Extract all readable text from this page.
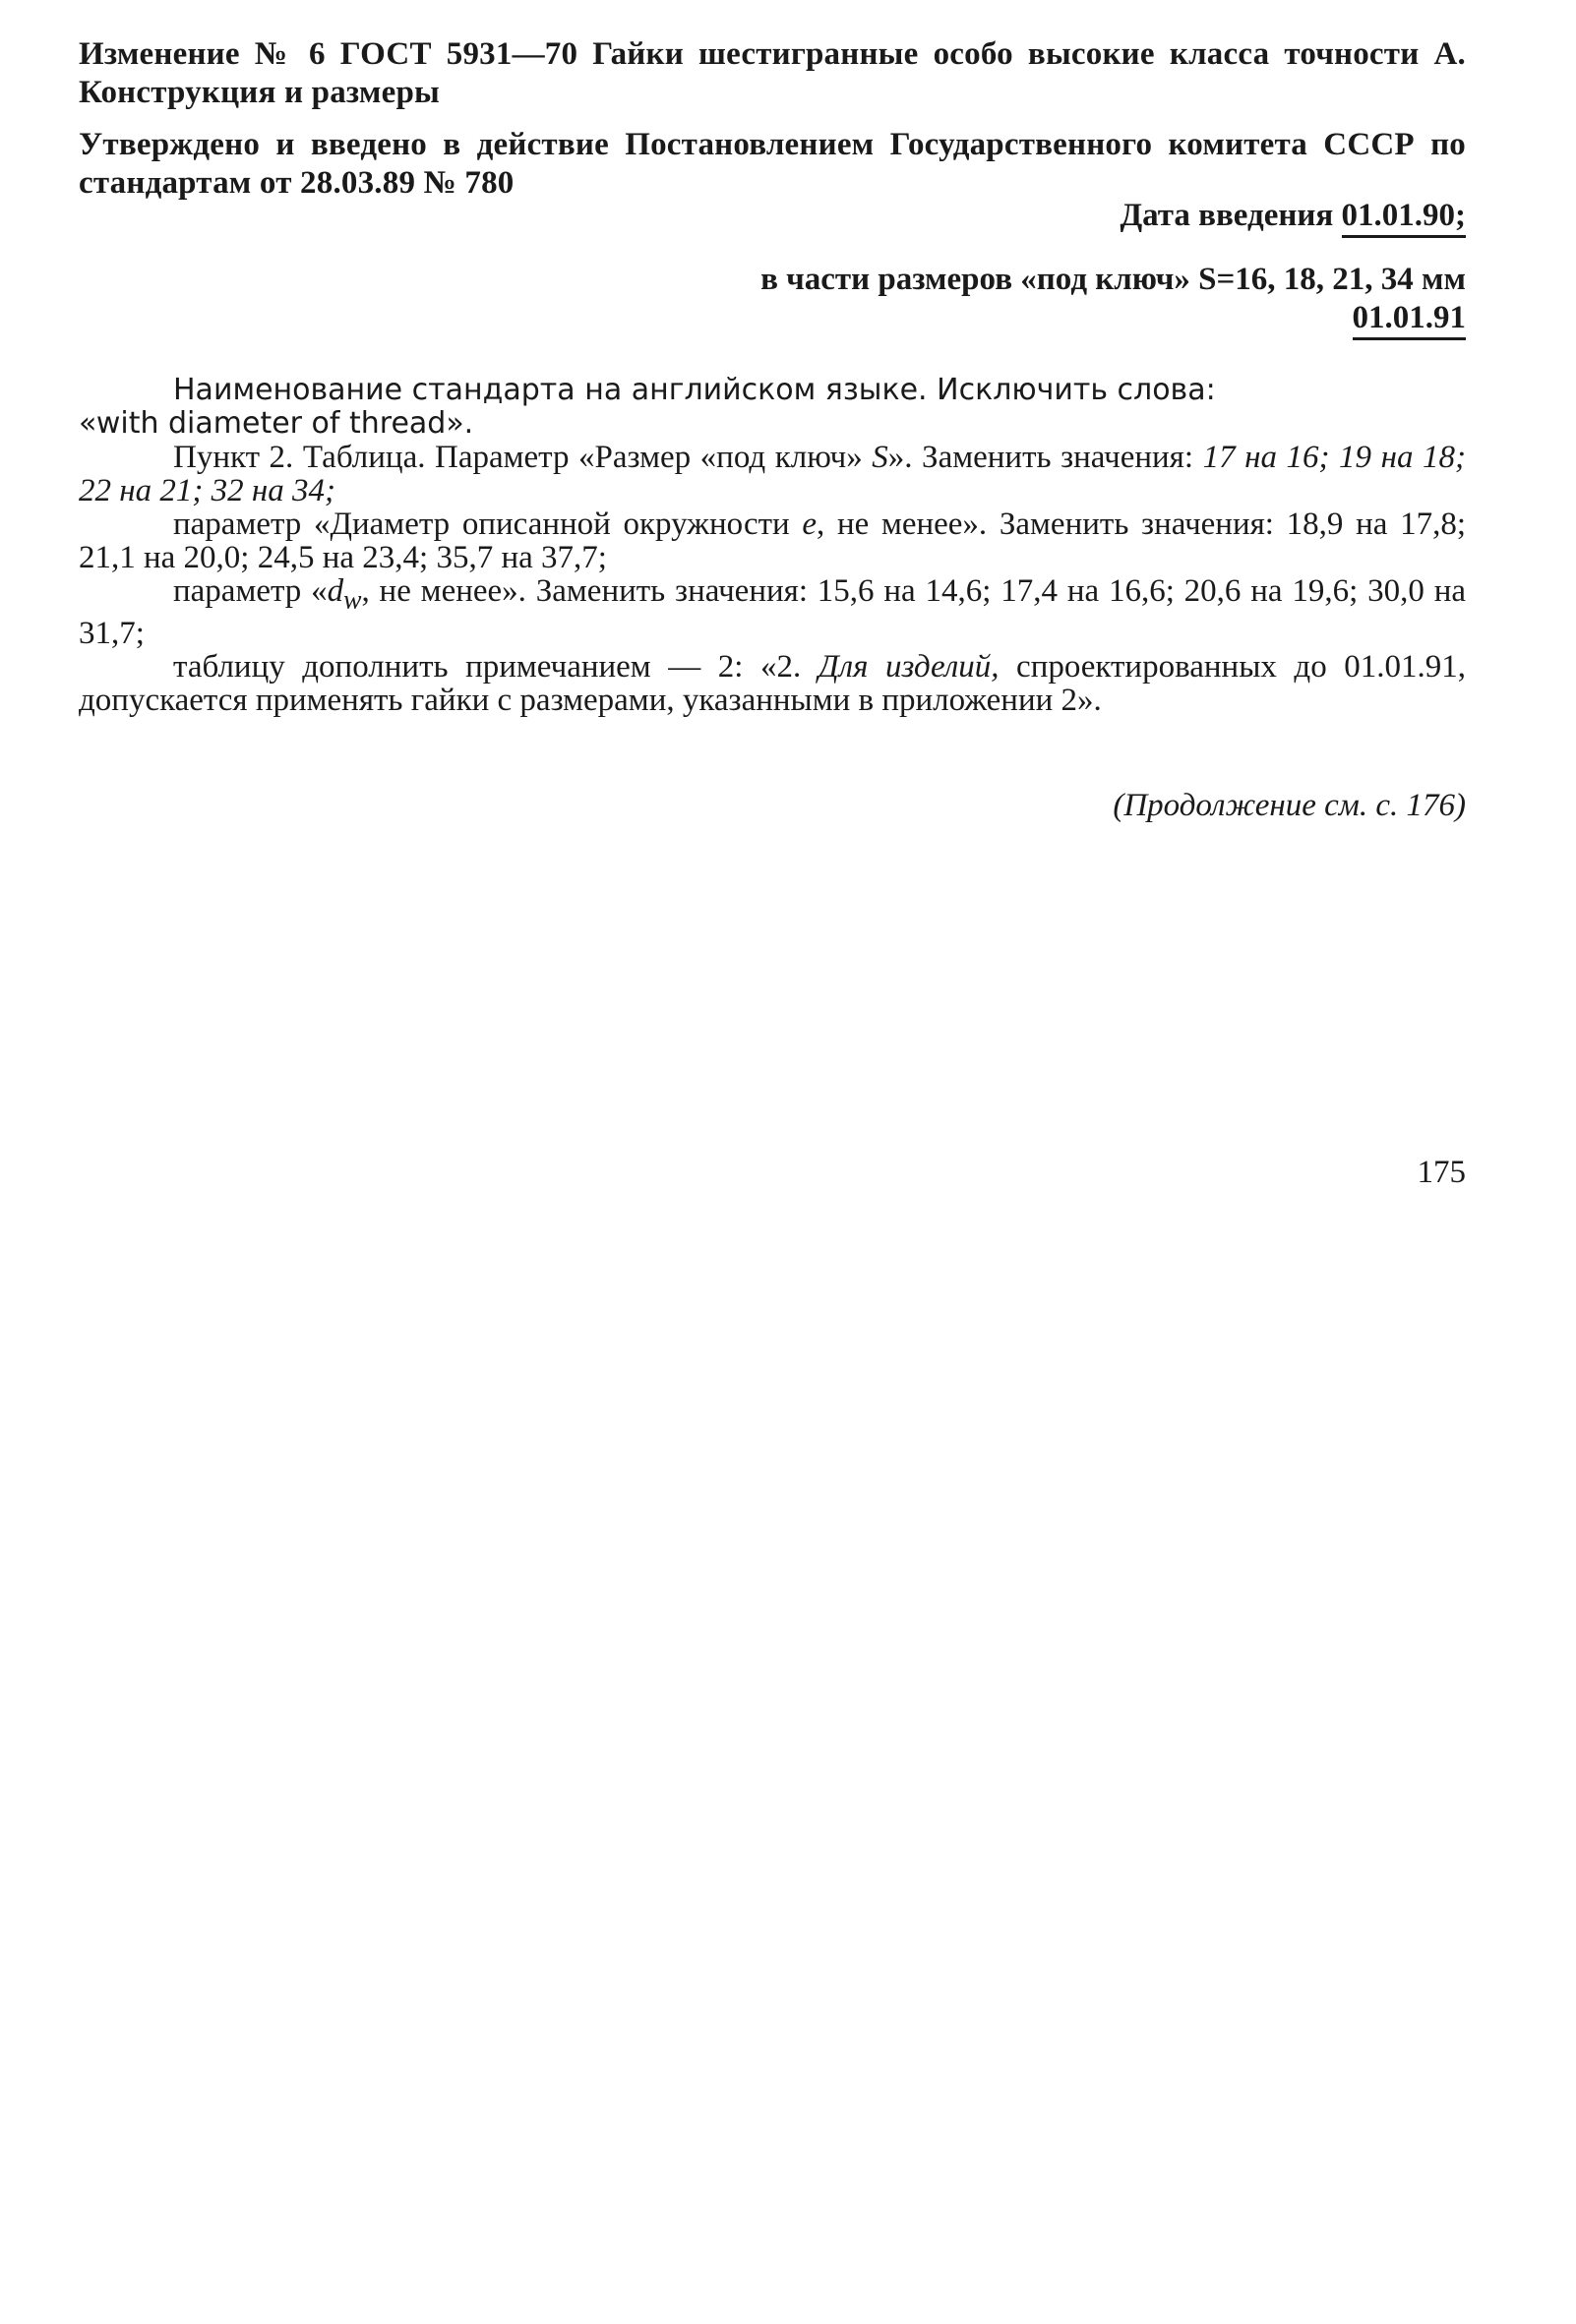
Изменение № 6 ГОСТ 5931—70 Гайки шестигранные особо высокие класса точности А. Конструкция и размеры
Утверждено и введено в действие Постановлением Государственного комитета СССР по стандартам от 28.03.89 № 780
Дата введения 01.01.90;
в части размеров «под ключ» S=16, 18, 21, 34 мм
01.01.91

Наименование стандарта на английском языке. Исключить слова:

«with diameter of thread».

Пункт 2. Таблица. Параметр «Размер «под ключ» S». Заменить значения: 17 на 16; 19 на 18; 22 на 21; 32 на 34;

параметр «Диаметр описанной окружности e, не менее». Заменить значения: 18,9 на 17,8; 21,1 на 20,0; 24,5 на 23,4; 35,7 на 37,7;

параметр «$d_w$, не менее». Заменить значения: 15,6 на 14,6; 17,4 на 16,6; 20,6 на 19,6; 30,0 на 31,7;

таблицу дополнить примечанием — 2: «2. Для изделий, спроектированных до 01.01.91, допускается применять гайки с размерами, указанными в приложении 2».

(Продолжение см. с. 176)
175
